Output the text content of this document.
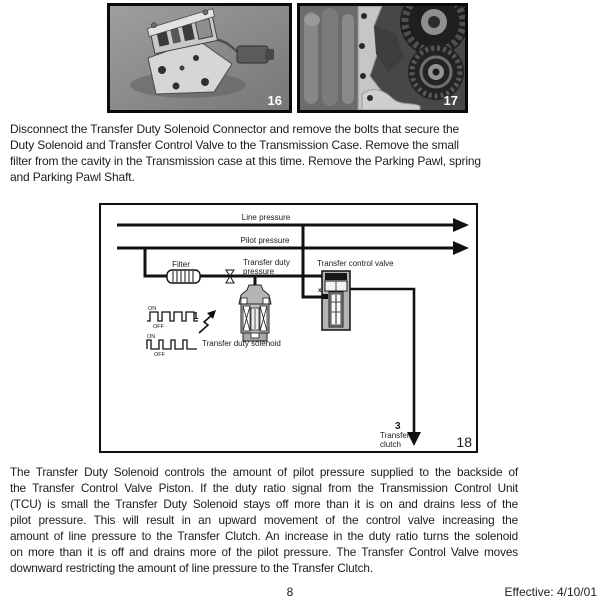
16	17
Disconnect the Transfer Duty Solenoid Connector and remove the bolts that secure the
Duty Solenoid and Transfer Control Valve to the Transmission Case. Remove the small
filter from the cavity in the Transmission case at this time. Remove the Parking Pawl, spring
and Parking Pawl Shaft.
Line pressure
Pilot pressure
Filter	Transfer duty
pressure
Transfer duty solenoid
ON
OFF
1
ON
OFF
Transfer control valve
x
3
Transfer
clutch	18
The Transfer Duty Solenoid controls the amount of pilot pressure supplied to the backside of
the Transfer Control Valve Piston. If the duty ratio signal from the Transmission Control Unit
(TCU) is small the Transfer Duty Solenoid stays off more than it is on and drains less of the
pilot pressure. This will result in an upward movement of the control valve increasing the
amount of line pressure to the Transfer Clutch. An increase in the duty ratio turns the solenoid
on more than it is off and drains more of the pilot pressure. The Transfer Control Valve moves
downward restricting the amount of line pressure to the Transfer Clutch.
8	Effective: 4/10/01
